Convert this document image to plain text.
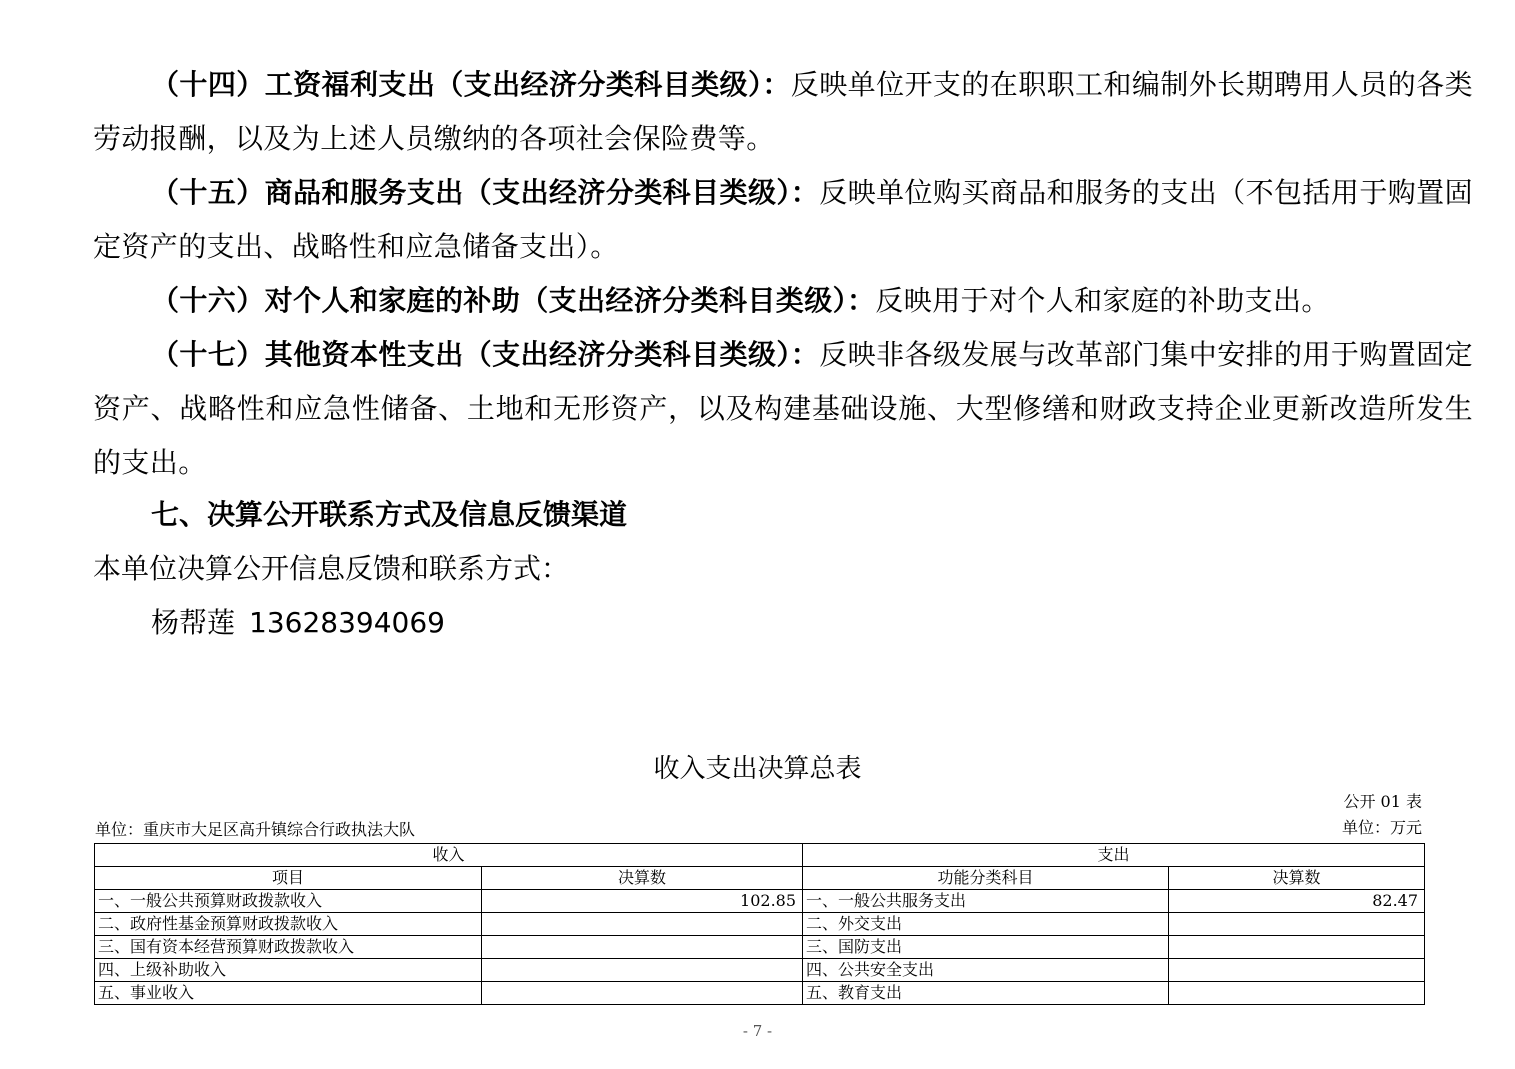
（十四）工资福利支出（支出经济分类科目类级）：反映单位开支的在职职工和编制外长期聘用人员的各类劳动报酬，以及为上述人员缴纳的各项社会保险费等。

（十五）商品和服务支出（支出经济分类科目类级）：反映单位购买商品和服务的支出（不包括用于购置固定资产的支出、战略性和应急储备支出）。

（十六）对个人和家庭的补助（支出经济分类科目类级）：反映用于对个人和家庭的补助支出。

（十七）其他资本性支出（支出经济分类科目类级）：反映非各级发展与改革部门集中安排的用于购置固定资产、战略性和应急性储备、土地和无形资产，以及构建基础设施、大型修缮和财政支持企业更新改造所发生的支出。

七、决算公开联系方式及信息反馈渠道

本单位决算公开信息反馈和联系方式：

杨帮莲 13628394069

收入支出决算总表
公开 01 表
单位：重庆市大足区高升镇综合行政执法大队	单位：万元
收入		支出	
项目	决算数	功能分类科目	决算数
一、一般公共预算财政拨款收入	102.85	一、一般公共服务支出	82.47
二、政府性基金预算财政拨款收入		二、外交支出	
三、国有资本经营预算财政拨款收入		三、国防支出	
四、上级补助收入		四、公共安全支出	
五、事业收入		五、教育支出	
- 7 -
